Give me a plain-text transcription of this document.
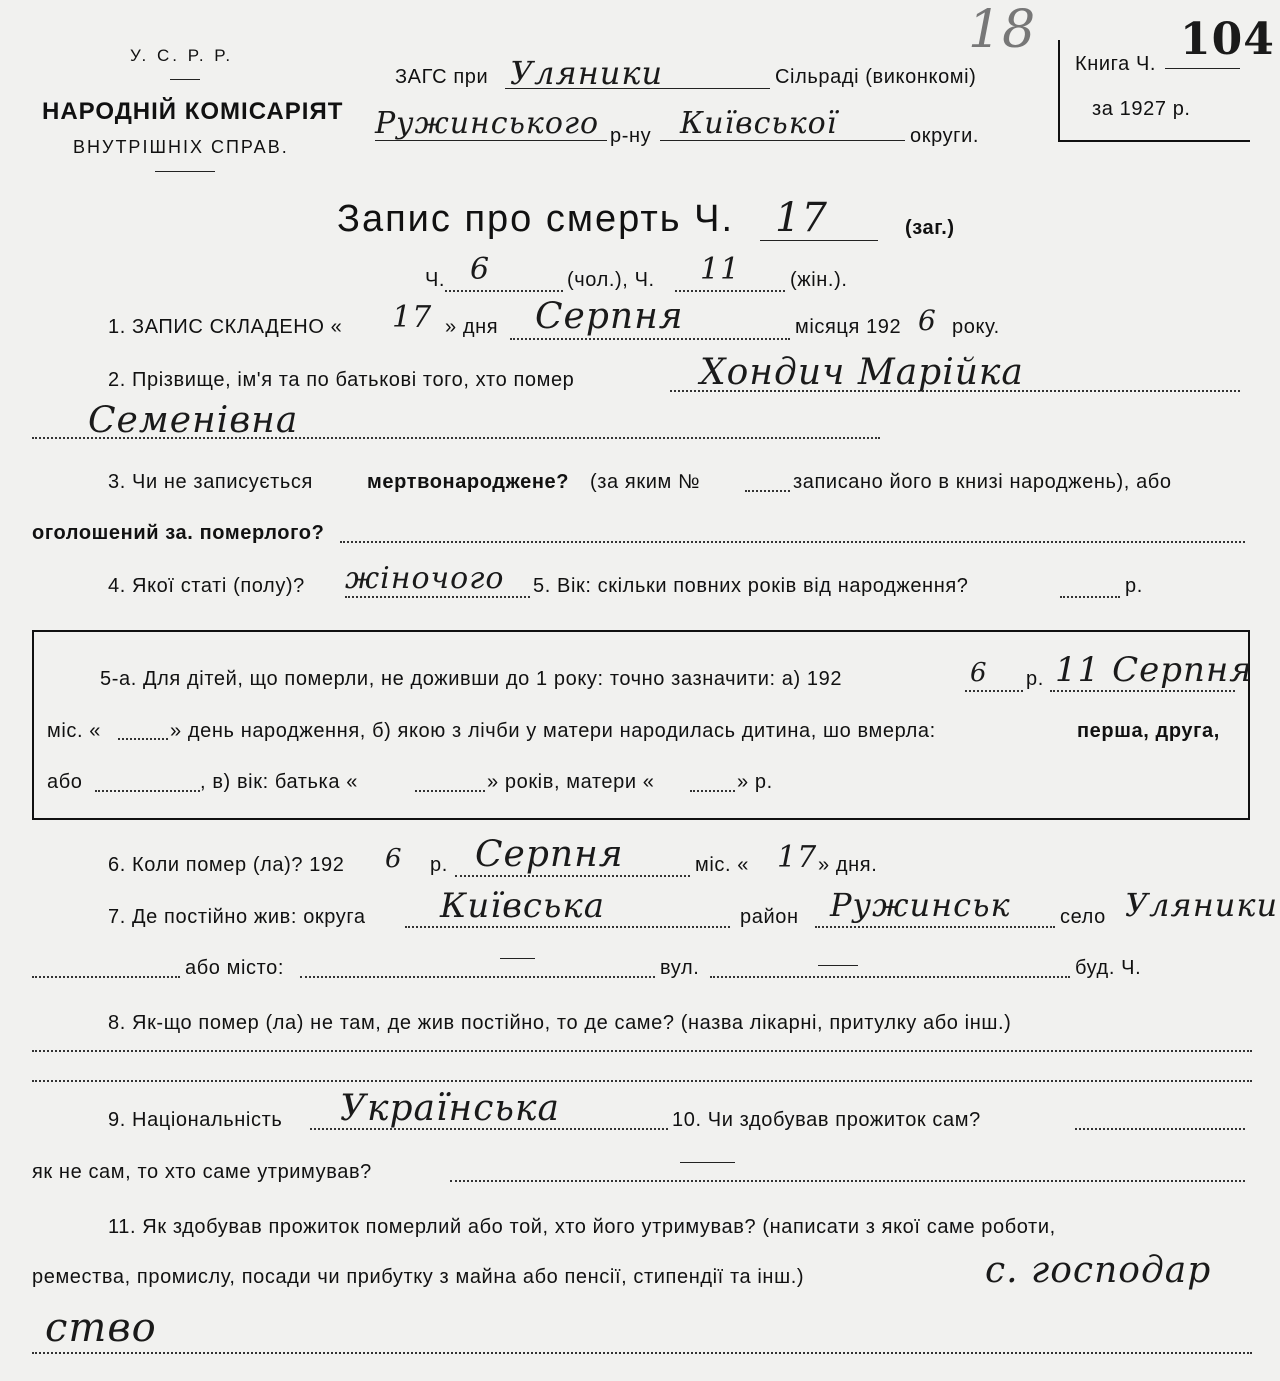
У. С. Р. Р.
НАРОДНІЙ КОМІСАРІЯТ
ВНУТРІШНІХ СПРАВ.
ЗАГС при Уляники	Сільраді (виконкомі)
Ружинського р-ну Київської	округи.
18
Книга Ч. 104
за 1927 р.
Запис про смерть Ч. 17	(заг.)
Ч. 6	(чол.), Ч. 11 (жін.).
1. ЗАПИС СКЛАДЕНО « 17 » дня Серпня	місяця 192 6 року.
2. Прізвище, ім'я та по батькові того, хто помер	Хондич Марійка
Семенівна
3. Чи не записується	мертвонароджене? (за яким №	записано його в книзі народжень), або
оголошений за. померлого?
4. Якої статі (полу)? жіночого 5. Вік: скільки повних років від народження?	р.
5-а. Для дітей, що померли, не доживши до 1 року: точно зазначити: а) 192	6 р. 11 Серпня
міс. «	» день народження, б) якою з лічби у матери народилась дитина, шо вмерла:	перша, друга,
або	, в) вік: батька «	» років, матери «	» р.
6. Коли помер (ла)? 192 6 р. Серпня	міс. « 17 » дня.
7. Де постійно жив: округа Київська	район Ружинськ село Уляники
або місто:	вул.	буд. Ч.
8. Як-що помер (ла) не там, де жив постійно, то де саме? (назва лікарні, притулку або інш.)
9. Національність Українська	10. Чи здобував прожиток сам?
як не сам, то хто саме утримував?
11. Як здобував прожиток померлий або той, хто його утримував? (написати з якої саме роботи,
ремества, промислу, посади чи прибутку з майна або пенсії, стипендії та інш.)	с. господар
ство
